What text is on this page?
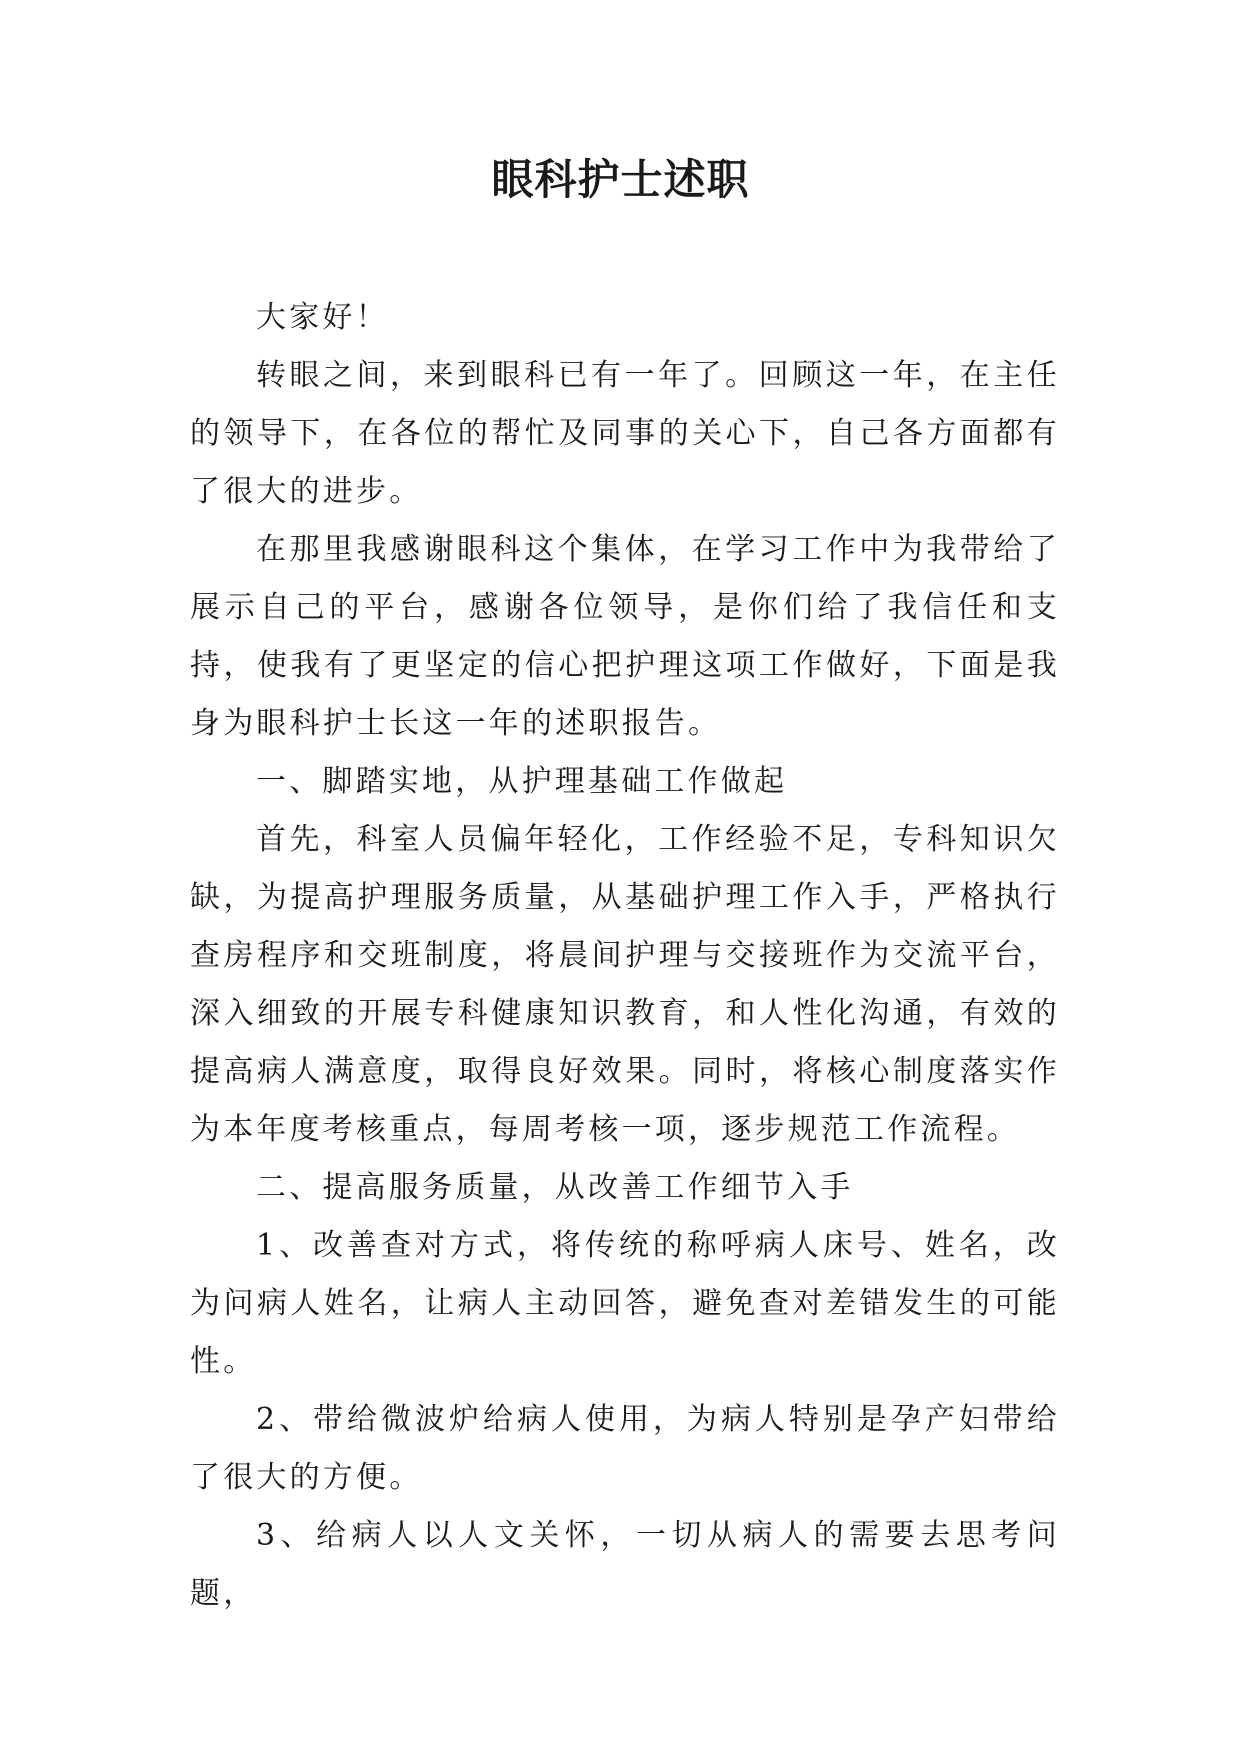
眼科护士述职

大家好！

转眼之间，来到眼科已有一年了。回顾这一年，在主任的领导下，在各位的帮忙及同事的关心下，自己各方面都有了很大的进步。

在那里我感谢眼科这个集体，在学习工作中为我带给了展示自己的平台，感谢各位领导，是你们给了我信任和支持，使我有了更坚定的信心把护理这项工作做好，下面是我身为眼科护士长这一年的述职报告。

一、脚踏实地，从护理基础工作做起

首先，科室人员偏年轻化，工作经验不足，专科知识欠缺，为提高护理服务质量，从基础护理工作入手，严格执行查房程序和交班制度，将晨间护理与交接班作为交流平台，深入细致的开展专科健康知识教育，和人性化沟通，有效的提高病人满意度，取得良好效果。同时，将核心制度落实作为本年度考核重点，每周考核一项，逐步规范工作流程。

二、提高服务质量，从改善工作细节入手

1、改善查对方式，将传统的称呼病人床号、姓名，改为问病人姓名，让病人主动回答，避免查对差错发生的可能性。

2、带给微波炉给病人使用，为病人特别是孕产妇带给了很大的方便。

3、给病人以人文关怀，一切从病人的需要去思考问题，
